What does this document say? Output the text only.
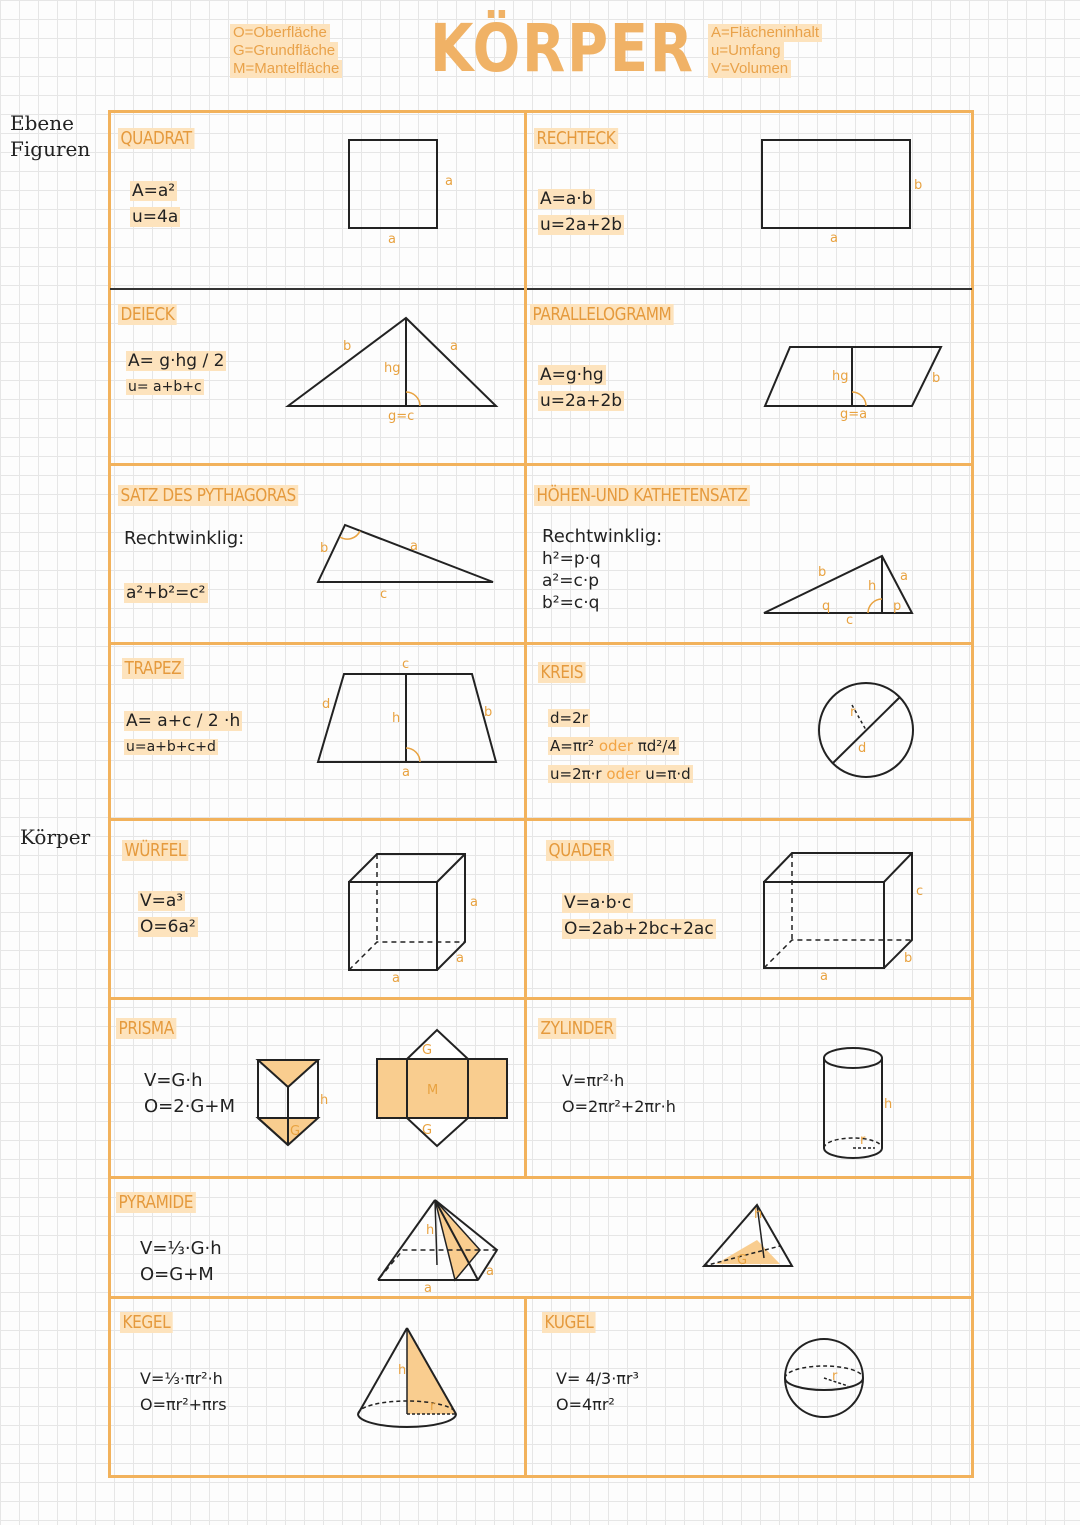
O=Oberfläche
G=Grundfläche
M=Mantelfläche KÖRPER A=Flächeninhalt
u=Umfang
V=Volumen
Ebene Figuren
Körper
QUADRAT
A=a²
u=4a
a
a
RECHTECK
A=a·b
u=2a+2b
b
a
DEIECK
A= g·hg / 2
u= a+b+c
b	a
hg
g=c
PARALLELOGRAMM
A=g·hg
u=2a+2b
hg	b
g=a
SATZ DES PYTHAGORAS
Rechtwinklig:
a²+b²=c²
b	a
c
HÖHEN-UND KATHETENSATZ
Rechtwinklig:
h²=p·q
a²=c·p
b²=c·q
b	a
h
q	p
c
TRAPEZ
A= a+c / 2 ·h
u=a+b+c+d
c
d
h	b
a
KREIS
d=2r
A=πr² oder πd²/4
u=2π·r oder u=π·d
r
d
WÜRFEL
V=a³
O=6a²
a
a
a
QUADER
V=a·b·c
O=2ab+2bc+2ac
c
a
b
PRISMA
V=G·h
O=2·G+M	h
G
G
M
G
ZYLINDER
V=πr²·h
O=2πr²+2πr·h	h
r
PYRAMIDE
V=⅓·G·h
O=G+M
h
a
a
h
G
KEGEL
V=⅓·πr²·h
O=πr²+πrs
h
r
KUGEL
V= 4/3·πr³
O=4πr²
r
